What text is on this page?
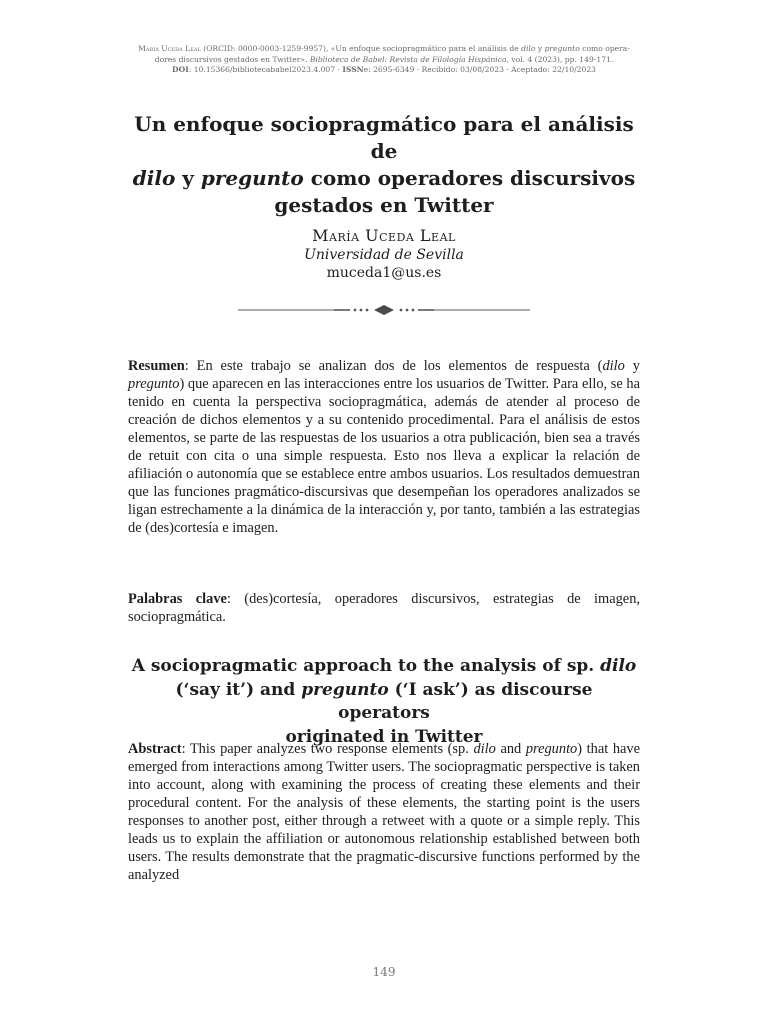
María Uceda Leal (ORCID: 0000-0003-1259-9957), «Un enfoque sociopragmático para el análisis de dilo y pregunto como opera- dores discursivos gestados en Twitter». Biblioteca de Babel: Revista de Filología Hispánica, vol. 4 (2023), pp. 149-171.
DOI: 10.15366/bibliotecababel2023.4.007 · ISSNe: 2695-6349 · Recibido: 03/08/2023 · Aceptado: 22/10/2023
Un enfoque sociopragmático para el análisis de
dilo y pregunto como operadores discursivos
gestados en Twitter
María Uceda Leal
Universidad de Sevilla
muceda1@us.es
Resumen: En este trabajo se analizan dos de los elementos de respuesta (dilo y pregunto) que aparecen en las interacciones entre los usuarios de Twitter. Para ello, se ha tenido en cuenta la perspectiva sociopragmática, además de atender al proceso de creación de dichos elementos y a su contenido procedimental. Para el análisis de estos elementos, se parte de las respuestas de los usuarios a otra publicación, bien sea a través de retuit con cita o una simple respuesta. Esto nos lleva a explicar la relación de afiliación o autonomía que se establece entre ambos usuarios. Los resultados demuestran que las funciones pragmático-discursivas que desempeñan los operadores analizados se ligan estrechamente a la dinámica de la interacción y, por tanto, también a las estrategias de (des)cortesía e imagen.
Palabras clave: (des)cortesía, operadores discursivos, estrategias de imagen, sociopragmática.
A sociopragmatic approach to the analysis of sp. dilo
(‘say it’) and pregunto (‘I ask’) as discourse operators
originated in Twitter
Abstract: This paper analyzes two response elements (sp. dilo and pregunto) that have emerged from interactions among Twitter users. The sociopragmatic perspective is taken into account, along with examining the process of creating these elements and their procedural content. For the analysis of these elements, the starting point is the users responses to another post, either through a retweet with a quote or a simple reply. This leads us to explain the affiliation or autonomous relationship established between both users. The results demonstrate that the pragmatic-discursive functions performed by the analyzed
149
